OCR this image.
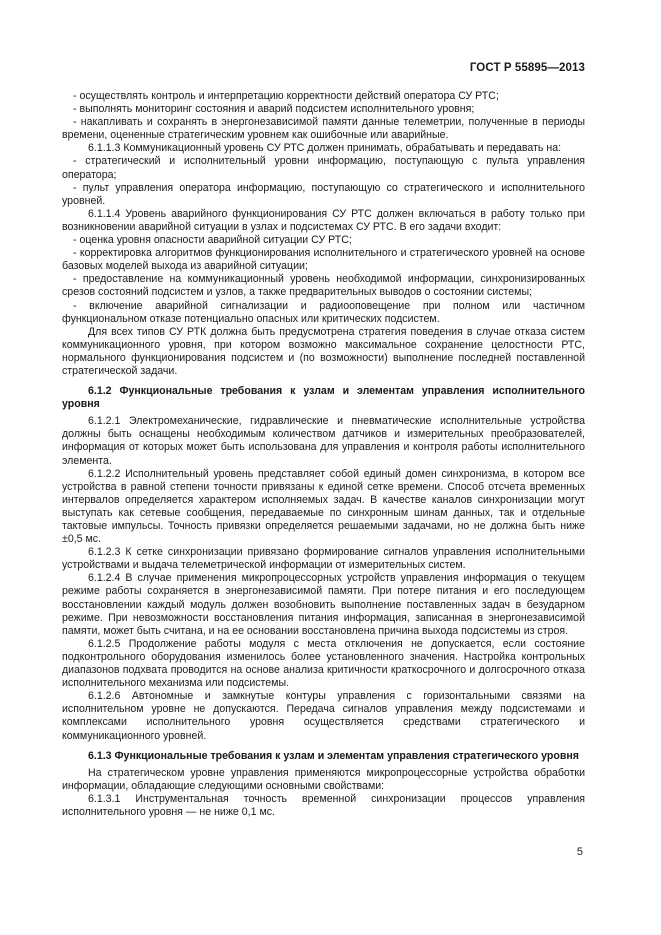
ГОСТ Р 55895—2013

- осуществлять контроль и интерпретацию корректности действий оператора СУ РТС;

- выполнять мониторинг состояния и аварий подсистем исполнительного уровня;

- накапливать и сохранять в энергонезависимой памяти данные телеметрии, полученные в периоды времени, оцененные стратегическим уровнем как ошибочные или аварийные.

6.1.1.3 Коммуникационный уровень СУ РТС должен принимать, обрабатывать и передавать на:

- стратегический и исполнительный уровни информацию, поступающую с пульта управления оператора;

- пульт управления оператора информацию, поступающую со стратегического и исполнительного уровней.

6.1.1.4 Уровень аварийного функционирования СУ РТС должен включаться в работу только при возникновении аварийной ситуации в узлах и подсистемах СУ РТС. В его задачи входит:

- оценка уровня опасности аварийной ситуации СУ РТС;

- корректировка алгоритмов функционирования исполнительного и стратегического уровней на основе базовых моделей выхода из аварийной ситуации;

- предоставление на коммуникационный уровень необходимой информации, синхронизированных срезов состояний подсистем и узлов, а также предварительных выводов о состоянии системы;

- включение аварийной сигнализации и радиооповещение при полном или частичном функциональном отказе потенциально опасных или критических подсистем.

Для всех типов СУ РТК должна быть предусмотрена стратегия поведения в случае отказа систем коммуникационного уровня, при котором возможно максимальное сохранение целостности РТС, нормального функционирования подсистем и (по возможности) выполнение последней поставленной стратегической задачи.

6.1.2 Функциональные требования к узлам и элементам управления исполнительного уровня

6.1.2.1 Электромеханические, гидравлические и пневматические исполнительные устройства должны быть оснащены необходимым количеством датчиков и измерительных преобразователей, информация от которых может быть использована для управления и контроля работы исполнительного элемента.

6.1.2.2 Исполнительный уровень представляет собой единый домен синхронизма, в котором все устройства в равной степени точности привязаны к единой сетке времени. Способ отсчета временных интервалов определяется характером исполняемых задач. В качестве каналов синхронизации могут выступать как сетевые сообщения, передаваемые по синхронным шинам данных, так и отдельные тактовые импульсы. Точность привязки определяется решаемыми задачами, но не должна быть ниже ±0,5 мс.

6.1.2.3 К сетке синхронизации привязано формирование сигналов управления исполнительными устройствами и выдача телеметрической информации от измерительных систем.

6.1.2.4 В случае применения микропроцессорных устройств управления информация о текущем режиме работы сохраняется в энергонезависимой памяти. При потере питания и его последующем восстановлении каждый модуль должен возобновить выполнение поставленных задач в безударном режиме. При невозможности восстановления питания информация, записанная в энергонезависимой памяти, может быть считана, и на ее основании восстановлена причина выхода подсистемы из строя.

6.1.2.5 Продолжение работы модуля с места отключения не допускается, если состояние подконтрольного оборудования изменилось более установленного значения. Настройка контрольных диапазонов подхвата проводится на основе анализа критичности краткосрочного и долгосрочного отказа исполнительного механизма или подсистемы.

6.1.2.6 Автономные и замкнутые контуры управления с горизонтальными связями на исполнительном уровне не допускаются. Передача сигналов управления между подсистемами и комплексами исполнительного уровня осуществляется средствами стратегического и коммуникационного уровней.

6.1.3 Функциональные требования к узлам и элементам управления стратегического уровня

На стратегическом уровне управления применяются микропроцессорные устройства обработки информации, обладающие следующими основными свойствами:

6.1.3.1 Инструментальная точность временной синхронизации процессов управления исполнительного уровня — не ниже 0,1 мс.

5
